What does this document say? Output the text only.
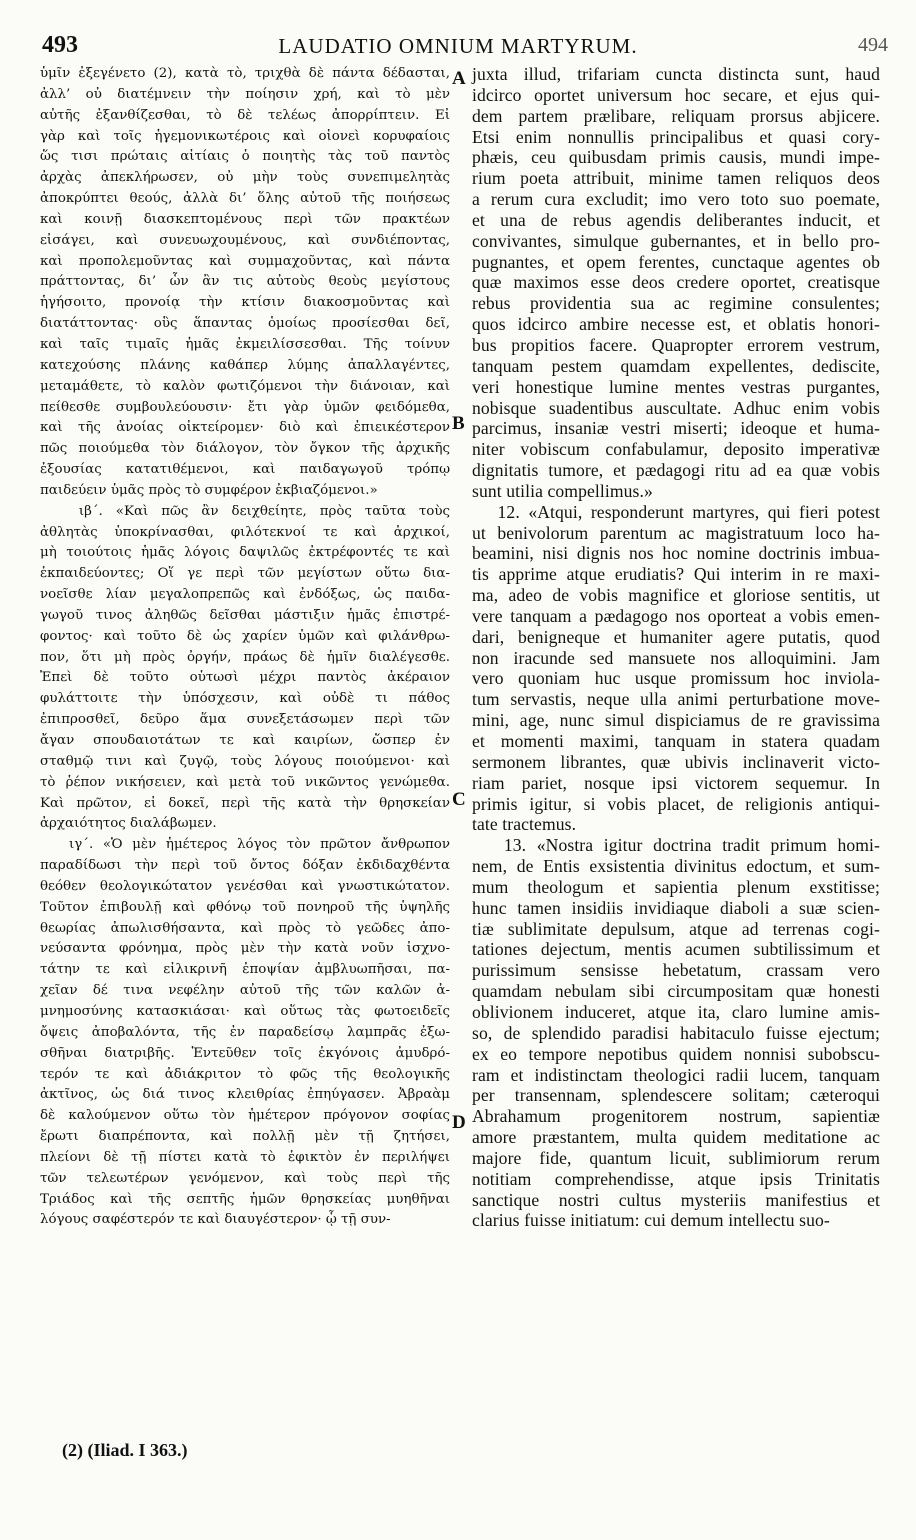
493	LAUDATIO OMNIUM MARTYRUM.	494
ὑμῖν ἐξεγένετο (2), κατὰ τὸ, τριχθὰ δὲ πάντα δέδασται,
ἀλλ’ οὐ διατέμνειν τὴν ποίησιν χρή, καὶ τὸ μὲν
αὐτῆς ἐξανθίζεσθαι, τὸ δὲ τελέως ἀπορρίπτειν. Εἰ
γὰρ καὶ τοῖς ἡγεμονικωτέροις καὶ οἱονεὶ κορυφαίοις
ὥς τισι πρώταις αἰτίαις ὁ ποιητὴς τὰς τοῦ παντὸς
ἀρχὰς ἀπεκλήρωσεν, οὐ μὴν τοὺς συνεπιμελητὰς
ἀποκρύπτει θεούς, ἀλλὰ δι’ ὅλης αὐτοῦ τῆς ποιήσεως
καὶ κοινῇ διασκεπτομένους περὶ τῶν πρακτέων
εἰσάγει, καὶ συνευωχουμένους, καὶ συνδιέποντας,
καὶ προπολεμοῦντας καὶ συμμαχοῦντας, καὶ πάντα
πράττοντας, δι’ ὧν ἂν τις αὐτοὺς θεοὺς μεγίστους
ἡγήσοιτο, προνοίᾳ τὴν κτίσιν διακοσμοῦντας καὶ
διατάττοντας· οὓς ἅπαντας ὁμοίως προσίεσθαι δεῖ,
καὶ ταῖς τιμαῖς ἡμᾶς ἐκμειλίσσεσθαι. Τῆς τοίνυν
κατεχούσης πλάνης καθάπερ λύμης ἀπαλλαγέντες,
μεταμάθετε, τὸ καλὸν φωτιζόμενοι τὴν διάνοιαν, καὶ
πείθεσθε συμβουλεύουσιν· ἔτι γὰρ ὑμῶν φειδόμεθα,
καὶ τῆς ἀνοίας οἰκτείρομεν· διὸ καὶ ἐπιεικέστερον
πῶς ποιούμεθα τὸν διάλογον, τὸν ὄγκον τῆς ἀρχικῆς
ἐξουσίας κατατιθέμενοι, καὶ παιδαγωγοῦ τρόπῳ
παιδεύειν ὑμᾶς πρὸς τὸ συμφέρον ἐκβιαζόμενοι.»
ιβ΄. «Καὶ πῶς ἂν δειχθείητε, πρὸς ταῦτα τοὺς
ἀθλητὰς ὑποκρίνασθαι, φιλότεκνοί τε καὶ ἀρχικοί,
μὴ τοιούτοις ἡμᾶς λόγοις δαψιλῶς ἐκτρέφοντές τε καὶ
ἐκπαιδεύοντες; Οἵ γε περὶ τῶν μεγίστων οὕτω δια-
νοεῖσθε λίαν μεγαλοπρεπῶς καὶ ἐνδόξως, ὡς παιδα-
γωγοῦ τινος ἀληθῶς δεῖσθαι μάστιξιν ἡμᾶς ἐπιστρέ-
φοντος· καὶ τοῦτο δὲ ὡς χαρίεν ὑμῶν καὶ φιλάνθρω-
πον, ὅτι μὴ πρὸς ὀργήν, πράως δὲ ἡμῖν διαλέγεσθε.
Ἐπεὶ δὲ τοῦτο οὑτωσὶ μέχρι παντὸς ἀκέραιον
φυλάττοιτε τὴν ὑπόσχεσιν, καὶ οὐδὲ τι πάθος
ἐπιπροσθεῖ, δεῦρο ἅμα συνεξετάσωμεν περὶ τῶν
ἄγαν σπουδαιοτάτων τε καὶ καιρίων, ὥσπερ ἐν
σταθμῷ τινι καὶ ζυγῷ, τοὺς λόγους ποιούμενοι· καὶ
τὸ ῥέπον νικήσειεν, καὶ μετὰ τοῦ νικῶντος γενώμεθα.
Καὶ πρῶτον, εἰ δοκεῖ, περὶ τῆς κατὰ τὴν θρησκείαν
ἀρχαιότητος διαλάβωμεν.
ιγ΄. «Ὁ μὲν ἡμέτερος λόγος τὸν πρῶτον ἄνθρωπον
παραδίδωσι τὴν περὶ τοῦ ὄντος δόξαν ἐκδιδαχθέντα
θεόθεν θεολογικώτατον γενέσθαι καὶ γνωστικώτατον.
Τοῦτον ἐπιβουλῇ καὶ φθόνῳ τοῦ πονηροῦ τῆς ὑψηλῆς
θεωρίας ἀπωλισθήσαντα, καὶ πρὸς τὸ γεῶδες ἀπο-
νεύσαντα φρόνημα, πρὸς μὲν τὴν κατὰ νοῦν ἰσχνο-
τάτην τε καὶ εἰλικρινῆ ἐποψίαν ἀμβλυωπῆσαι, πα-
χεῖαν δέ τινα νεφέλην αὐτοῦ τῆς τῶν καλῶν ἀ-
μνημοσύνης κατασκιάσαι· καὶ οὕτως τὰς φωτοειδεῖς
ὄψεις ἀποβαλόντα, τῆς ἐν παραδείσῳ λαμπρᾶς ἐξω-
σθῆναι διατριβῆς. Ἐντεῦθεν τοῖς ἐκγόνοις ἀμυδρό-
τερόν τε καὶ ἀδιάκριτον τὸ φῶς τῆς θεολογικῆς
ἀκτῖνος, ὡς διά τινος κλειθρίας ἐπηύγασεν. Ἀβραὰμ
δὲ καλούμενον οὕτω τὸν ἡμέτερον πρόγονον σοφίας
ἔρωτι διαπρέποντα, καὶ πολλῇ μὲν τῇ ζητήσει,
πλείονι δὲ τῇ πίστει κατὰ τὸ ἐφικτὸν ἐν περιλήψει
τῶν τελεωτέρων γενόμενον, καὶ τοὺς περὶ τῆς
Τριάδος καὶ τῆς σεπτῆς ἡμῶν θρησκείας μυηθῆναι
λόγους σαφέστερόν τε καὶ διαυγέστερον· ᾧ τῇ συν-
juxta illud, trifariam cuncta distincta sunt, haud
idcirco oportet universum hoc secare, et ejus qui-
dem partem prælibare, reliquam prorsus abjicere.
Etsi enim nonnullis principalibus et quasi cory-
phæis, ceu quibusdam primis causis, mundi impe-
rium poeta attribuit, minime tamen reliquos deos
a rerum cura excludit; imo vero toto suo poemate,
et una de rebus agendis deliberantes inducit, et
convivantes, simulque gubernantes, et in bello pro-
pugnantes, et opem ferentes, cunctaque agentes ob
quæ maximos esse deos credere oportet, creatisque
rebus providentia sua ac regimine consulentes;
quos idcirco ambire necesse est, et oblatis honori-
bus propitios facere. Quapropter errorem vestrum,
tanquam pestem quamdam expellentes, dediscite,
veri honestique lumine mentes vestras purgantes,
nobisque suadentibus auscultate. Adhuc enim vobis
parcimus, insaniæ vestri miserti; ideoque et huma-
niter vobiscum confabulamur, deposito imperativæ
dignitatis tumore, et pædagogi ritu ad ea quæ vobis
sunt utilia compellimus.»
12. «Atqui, responderunt martyres, qui fieri potest
ut benivolorum parentum ac magistratuum loco ha-
beamini, nisi dignis nos hoc nomine doctrinis imbua-
tis apprime atque erudiatis? Qui interim in re maxi-
ma, adeo de vobis magnifice et gloriose sentitis, ut
vere tanquam a pædagogo nos oporteat a vobis emen-
dari, benigneque et humaniter agere putatis, quod
non iracunde sed mansuete nos alloquimini. Jam
vero quoniam huc usque promissum hoc inviola-
tum servastis, neque ulla animi perturbatione move-
mini, age, nunc simul dispiciamus de re gravissima
et momenti maximi, tanquam in statera quadam
sermonem librantes, quæ ubivis inclinaverit victo-
riam pariet, nosque ipsi victorem sequemur. In
primis igitur, si vobis placet, de religionis antiqui-
tate tractemus.
13. «Nostra igitur doctrina tradit primum homi-
nem, de Entis exsistentia divinitus edoctum, et sum-
mum theologum et sapientia plenum exstitisse;
hunc tamen insidiis invidiaque diaboli a suæ scien-
tiæ sublimitate depulsum, atque ad terrenas cogi-
tationes dejectum, mentis acumen subtilissimum et
purissimum sensisse hebetatum, crassam vero
quamdam nebulam sibi circumpositam quæ honesti
oblivionem induceret, atque ita, claro lumine amis-
so, de splendido paradisi habitaculo fuisse ejectum;
ex eo tempore nepotibus quidem nonnisi subobscu-
ram et indistinctam theologici radii lucem, tanquam
per transennam, splendescere solitam; cæteroqui
Abrahamum progenitorem nostrum, sapientiæ
amore præstantem, multa quidem meditatione ac
majore fide, quantum licuit, sublimiorum rerum
notitiam comprehendisse, atque ipsis Trinitatis
sanctique nostri cultus mysteriis manifestius et
clarius fuisse initiatum: cui demum intellectu suo-
A
B
C
D
(2) (Iliad. I 363.)
